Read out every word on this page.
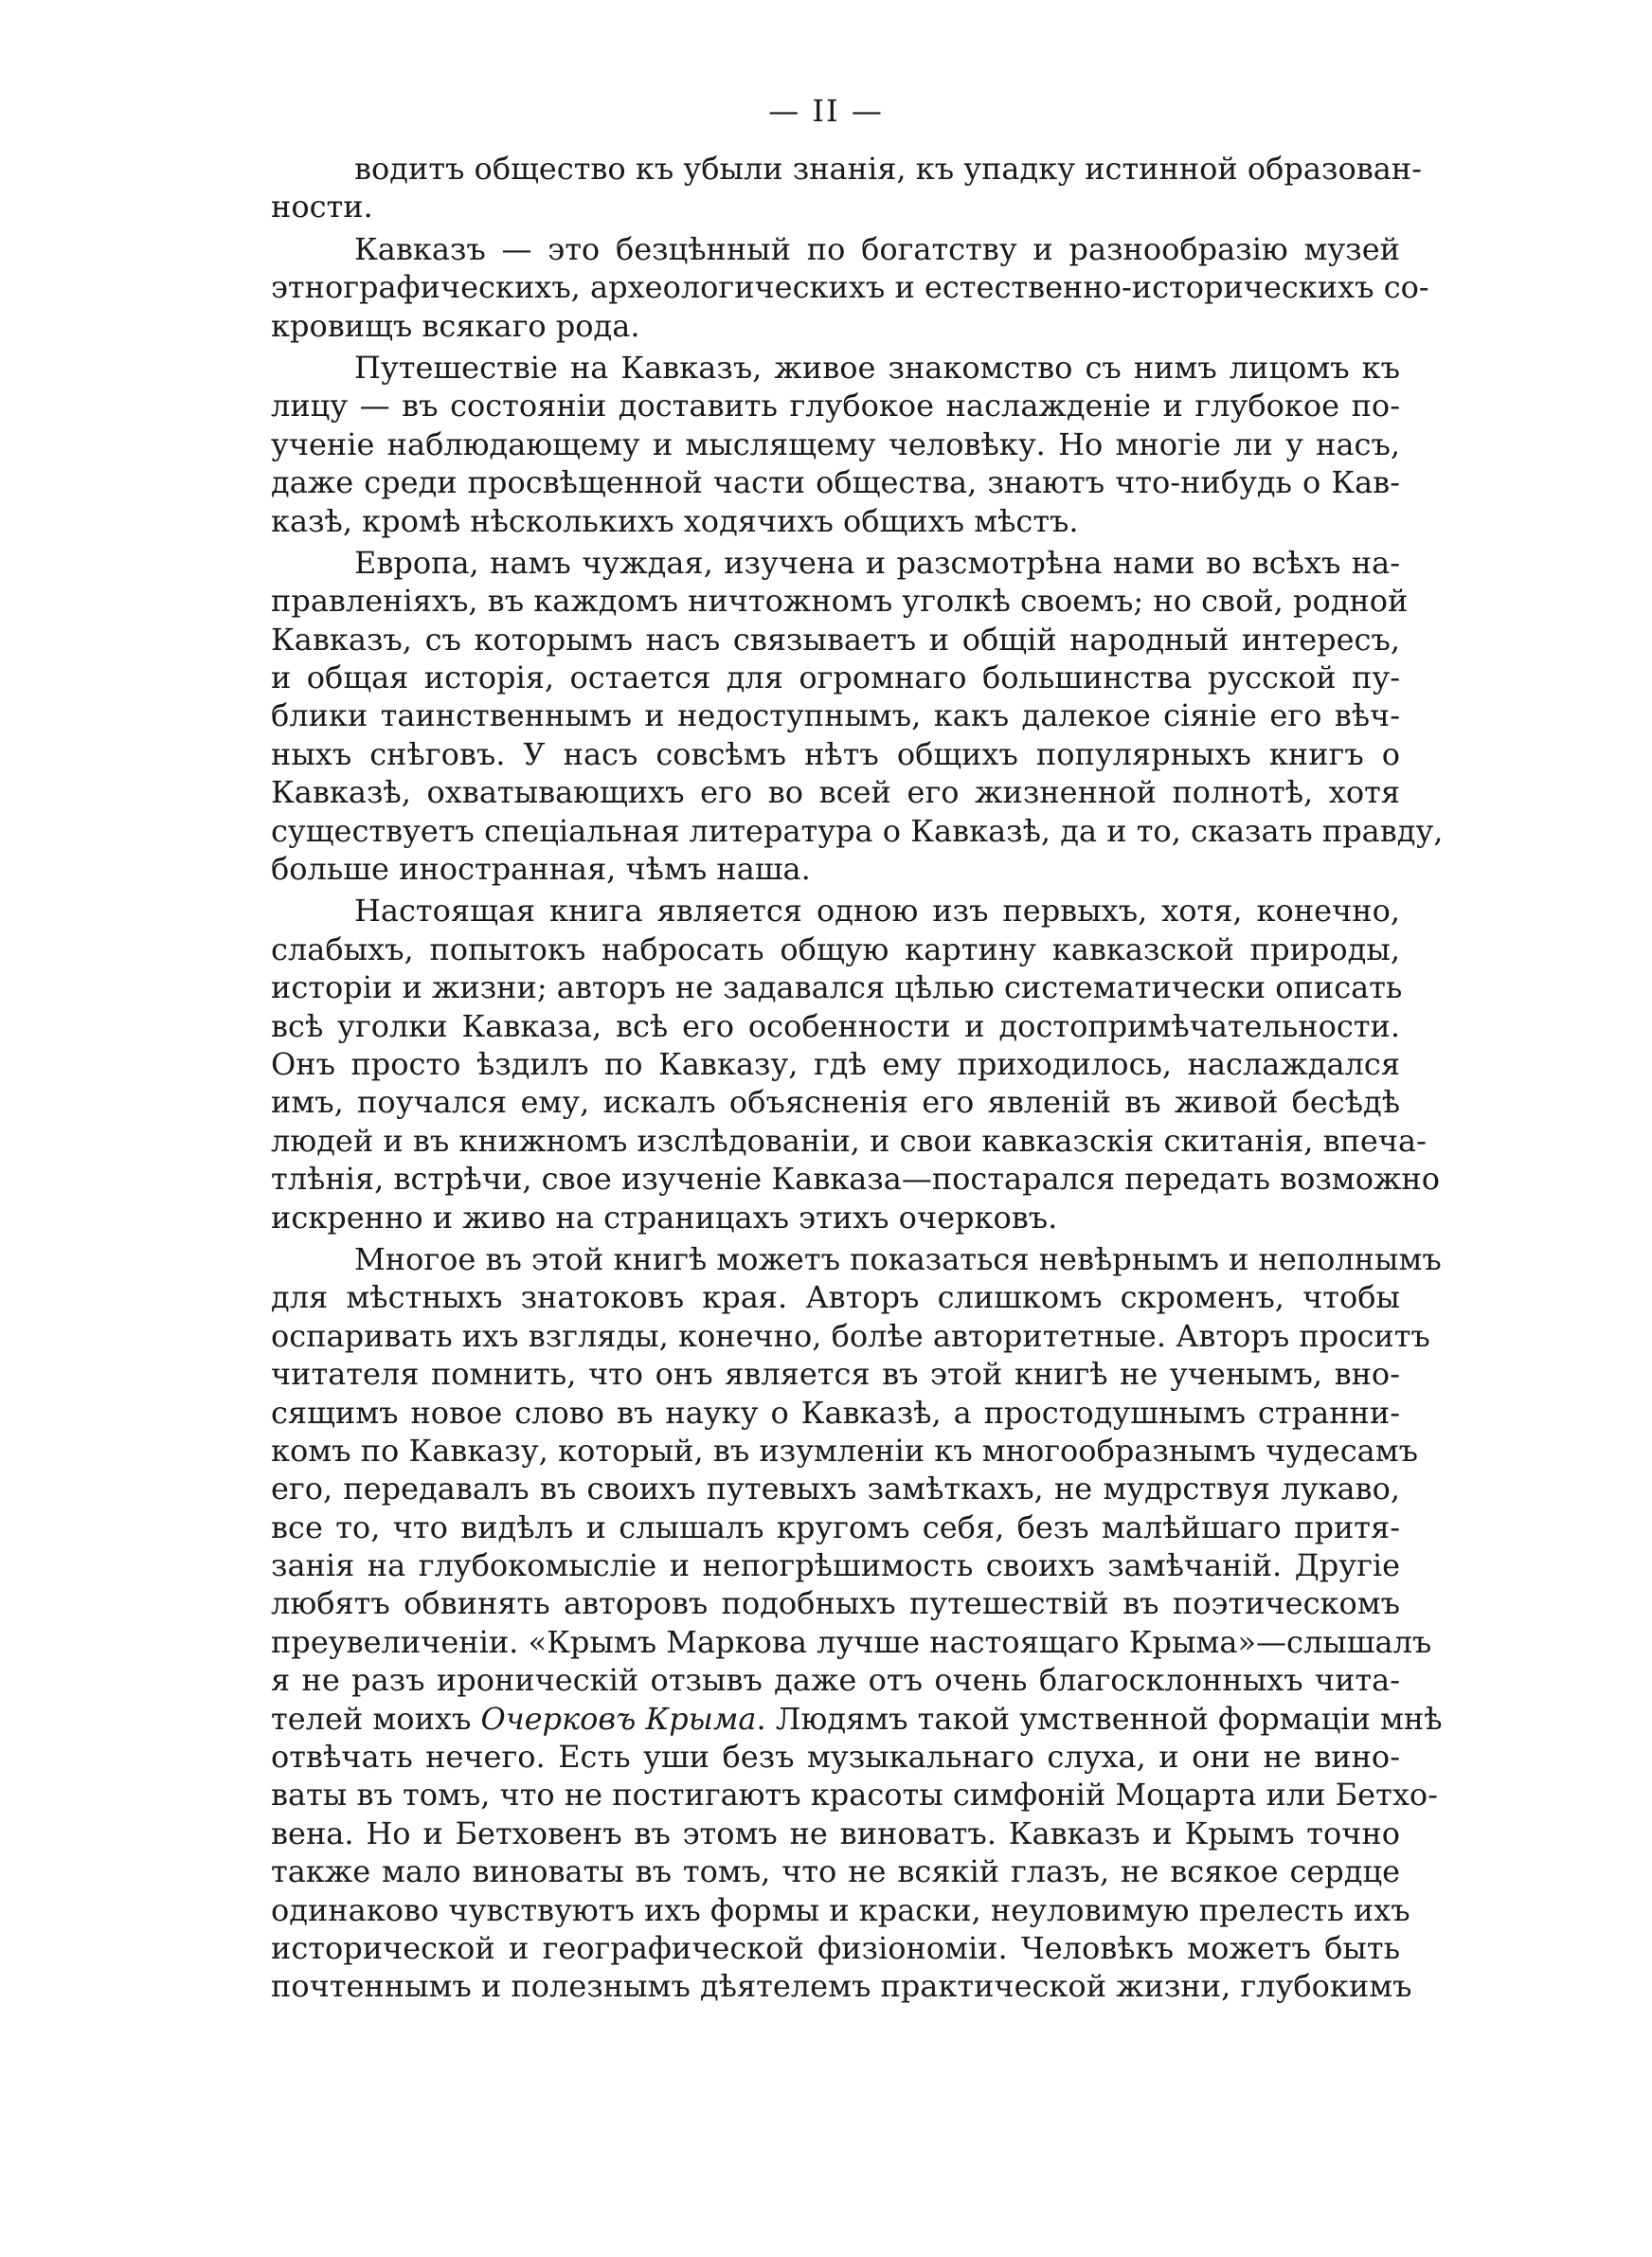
— II —
водитъ общество къ убыли знанія, къ упадку истинной образован-
ности.
Кавказъ — это безцѣнный по богатству и разнообразію музей
этнографическихъ, археологическихъ и естественно-историческихъ со-
кровищъ всякаго рода.
Путешествіе на Кавказъ, живое знакомство съ нимъ лицомъ къ
лицу — въ состояніи доставить глубокое наслажденіе и глубокое по-
ученіе наблюдающему и мыслящему человѣку. Но многіе ли у насъ,
даже среди просвѣщенной части общества, знаютъ что-нибудь о Кав-
казѣ, кромѣ нѣсколькихъ ходячихъ общихъ мѣстъ.
Европа, намъ чуждая, изучена и разсмотрѣна нами во всѣхъ на-
правленіяхъ, въ каждомъ ничтожномъ уголкѣ своемъ; но свой, родной
Кавказъ, съ которымъ насъ связываетъ и общій народный интересъ,
и общая исторія, остается для огромнаго большинства русской пу-
блики таинственнымъ и недоступнымъ, какъ далекое сіяніе его вѣч-
ныхъ снѣговъ. У насъ совсѣмъ нѣтъ общихъ популярныхъ книгъ о
Кавказѣ, охватывающихъ его во всей его жизненной полнотѣ, хотя
существуетъ спеціальная литература о Кавказѣ, да и то, сказать правду,
больше иностранная, чѣмъ наша.
Настоящая книга является одною изъ первыхъ, хотя, конечно,
слабыхъ, попытокъ набросать общую картину кавказской природы,
исторіи и жизни; авторъ не задавался цѣлью систематически описать
всѣ уголки Кавказа, всѣ его особенности и достопримѣчательности.
Онъ просто ѣздилъ по Кавказу, гдѣ ему приходилось, наслаждался
имъ, поучался ему, искалъ объясненія его явленій въ живой бесѣдѣ
людей и въ книжномъ изслѣдованіи, и свои кавказскія скитанія, впеча-
тлѣнія, встрѣчи, свое изученіе Кавказа—постарался передать возможно
искренно и живо на страницахъ этихъ очерковъ.
Многое въ этой книгѣ можетъ показаться невѣрнымъ и неполнымъ
для мѣстныхъ знатоковъ края. Авторъ слишкомъ скроменъ, чтобы
оспаривать ихъ взгляды, конечно, болѣе авторитетные. Авторъ проситъ
читателя помнить, что онъ является въ этой книгѣ не ученымъ, вно-
сящимъ новое слово въ науку о Кавказѣ, а простодушнымъ странни-
комъ по Кавказу, который, въ изумленіи къ многообразнымъ чудесамъ
его, передавалъ въ своихъ путевыхъ замѣткахъ, не мудрствуя лукаво,
все то, что видѣлъ и слышалъ кругомъ себя, безъ малѣйшаго притя-
занія на глубокомысліе и непогрѣшимость своихъ замѣчаній. Другіе
любятъ обвинять авторовъ подобныхъ путешествій въ поэтическомъ
преувеличеніи. «Крымъ Маркова лучше настоящаго Крыма»—слышалъ
я не разъ ироническій отзывъ даже отъ очень благосклонныхъ чита-
телей моихъ Очерковъ Крыма. Людямъ такой умственной формаціи мнѣ
отвѣчать нечего. Есть уши безъ музыкальнаго слуха, и они не вино-
ваты въ томъ, что не постигаютъ красоты симфоній Моцарта или Бетхо-
вена. Но и Бетховенъ въ этомъ не виноватъ. Кавказъ и Крымъ точно
также мало виноваты въ томъ, что не всякій глазъ, не всякое сердце
одинаково чувствуютъ ихъ формы и краски, неуловимую прелесть ихъ
исторической и географической физіономіи. Человѣкъ можетъ быть
почтеннымъ и полезнымъ дѣятелемъ практической жизни, глубокимъ
